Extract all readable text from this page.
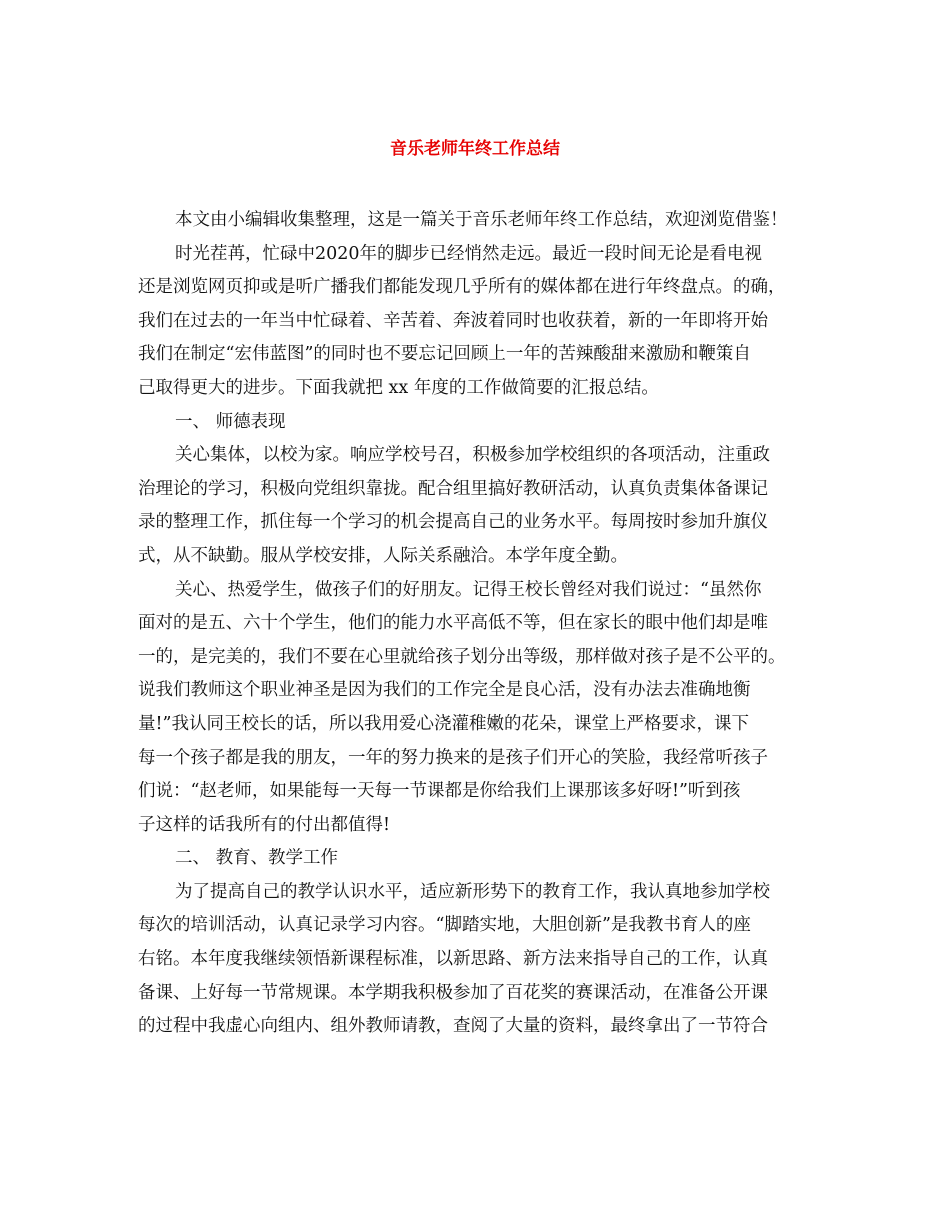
音乐老师年终工作总结
本文由小编辑收集整理，这是一篇关于音乐老师年终工作总结，欢迎浏览借鉴！
时光茬苒，忙碌中2020年的脚步已经悄然走远。最近一段时间无论是看电视
还是浏览网页抑或是听广播我们都能发现几乎所有的媒体都在进行年终盘点。的确，
我们在过去的一年当中忙碌着、辛苦着、奔波着同时也收获着，新的一年即将开始
我们在制定“宏伟蓝图”的同时也不要忘记回顾上一年的苦辣酸甜来激励和鞭策自
己取得更大的进步。下面我就把 xx 年度的工作做简要的汇报总结。
一、 师德表现
关心集体，以校为家。响应学校号召，积极参加学校组织的各项活动，注重政
治理论的学习，积极向党组织靠拢。配合组里搞好教研活动，认真负责集体备课记
录的整理工作，抓住每一个学习的机会提高自己的业务水平。每周按时参加升旗仪
式，从不缺勤。服从学校安排，人际关系融洽。本学年度全勤。
关心、热爱学生，做孩子们的好朋友。记得王校长曾经对我们说过：“虽然你
面对的是五、六十个学生，他们的能力水平高低不等，但在家长的眼中他们却是唯
一的，是完美的，我们不要在心里就给孩子划分出等级，那样做对孩子是不公平的。
说我们教师这个职业神圣是因为我们的工作完全是良心活，没有办法去准确地衡
量!”我认同王校长的话，所以我用爱心浇灌稚嫩的花朵，课堂上严格要求，课下
每一个孩子都是我的朋友，一年的努力换来的是孩子们开心的笑脸，我经常听孩子
们说：“赵老师，如果能每一天每一节课都是你给我们上课那该多好呀!”听到孩
子这样的话我所有的付出都值得!
二、 教育、教学工作
为了提高自己的教学认识水平，适应新形势下的教育工作，我认真地参加学校
每次的培训活动，认真记录学习内容。“脚踏实地，大胆创新”是我教书育人的座
右铭。本年度我继续领悟新课程标准，以新思路、新方法来指导自己的工作，认真
备课、上好每一节常规课。本学期我积极参加了百花奖的赛课活动，在准备公开课
的过程中我虚心向组内、组外教师请教，查阅了大量的资料，最终拿出了一节符合
